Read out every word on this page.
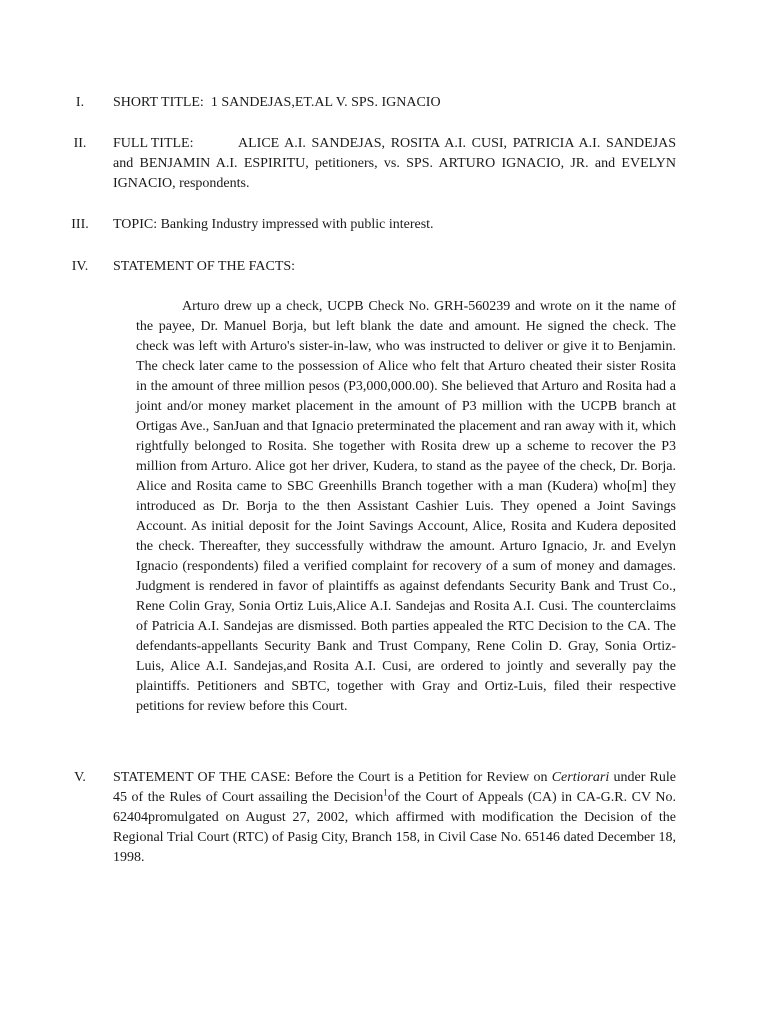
I.	SHORT TITLE: 1 SANDEJAS,ET.AL V. SPS. IGNACIO
II.	FULL TITLE:	ALICE A.I. SANDEJAS, ROSITA A.I. CUSI, PATRICIA A.I. SANDEJAS and BENJAMIN A.I. ESPIRITU, petitioners, vs. SPS. ARTURO IGNACIO, JR. and EVELYN IGNACIO, respondents.
III.	TOPIC: Banking Industry impressed with public interest.
IV.	STATEMENT OF THE FACTS:
Arturo drew up a check, UCPB Check No. GRH-560239 and wrote on it the name of the payee, Dr. Manuel Borja, but left blank the date and amount. He signed the check. The check was left with Arturo's sister-in-law, who was instructed to deliver or give it to Benjamin. The check later came to the possession of Alice who felt that Arturo cheated their sister Rosita in the amount of three million pesos (P3,000,000.00). She believed that Arturo and Rosita had a joint and/or money market placement in the amount of P3 million with the UCPB branch at Ortigas Ave., SanJuan and that Ignacio preterminated the placement and ran away with it, which rightfully belonged to Rosita. She together with Rosita drew up a scheme to recover the P3 million from Arturo. Alice got her driver, Kudera, to stand as the payee of the check, Dr. Borja. Alice and Rosita came to SBC Greenhills Branch together with a man (Kudera) who[m] they introduced as Dr. Borja to the then Assistant Cashier Luis. They opened a Joint Savings Account. As initial deposit for the Joint Savings Account, Alice, Rosita and Kudera deposited the check. Thereafter, they successfully withdraw the amount. Arturo Ignacio, Jr. and Evelyn Ignacio (respondents) filed a verified complaint for recovery of a sum of money and damages. Judgment is rendered in favor of plaintiffs as against defendants Security Bank and Trust Co., Rene Colin Gray, Sonia Ortiz Luis,Alice A.I. Sandejas and Rosita A.I. Cusi. The counterclaims of Patricia A.I. Sandejas are dismissed. Both parties appealed the RTC Decision to the CA. The defendants-appellants Security Bank and Trust Company, Rene Colin D. Gray, Sonia Ortiz-Luis, Alice A.I. Sandejas,and Rosita A.I. Cusi, are ordered to jointly and severally pay the plaintiffs. Petitioners and SBTC, together with Gray and Ortiz-Luis, filed their respective petitions for review before this Court.
V.	STATEMENT OF THE CASE: Before the Court is a Petition for Review on Certiorari under Rule 45 of the Rules of Court assailing the Decision$^1$of the Court of Appeals (CA) in CA-G.R. CV No. 62404promulgated on August 27, 2002, which affirmed with modification the Decision of the Regional Trial Court (RTC) of Pasig City, Branch 158, in Civil Case No. 65146 dated December 18, 1998.
